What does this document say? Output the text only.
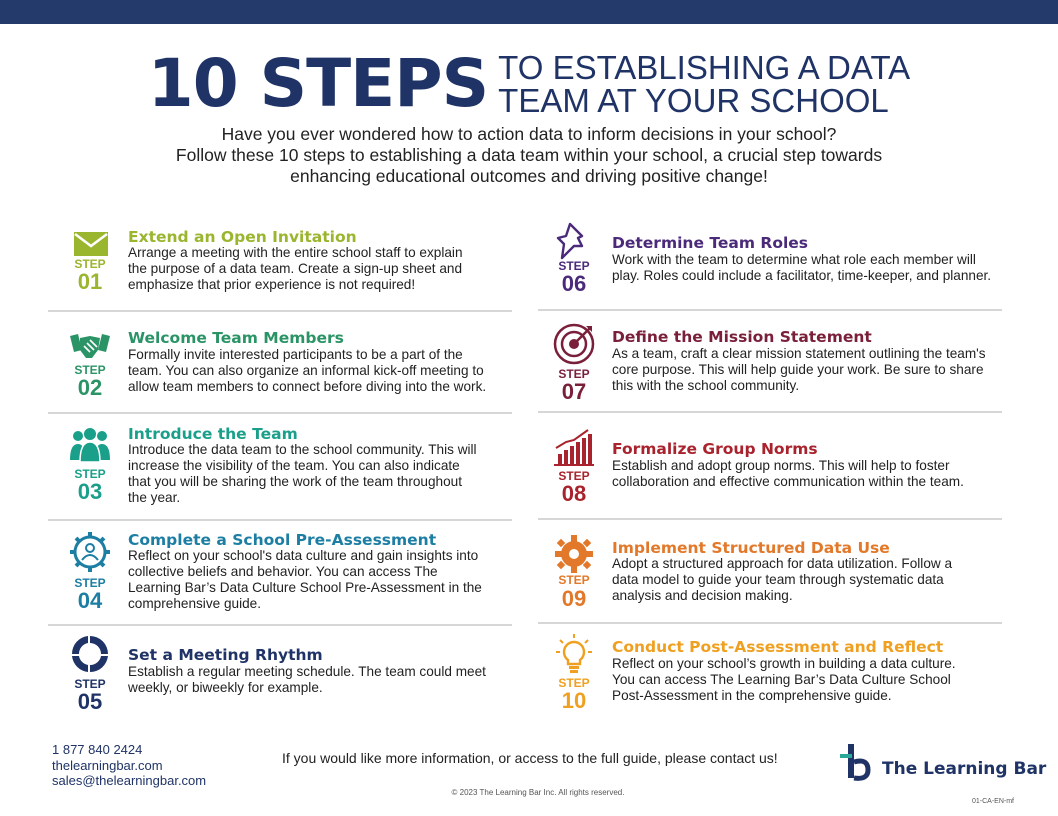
10 STEPS TO ESTABLISHING A DATA
TEAM AT YOUR SCHOOL
Have you ever wondered how to action data to inform decisions in your school?
Follow these 10 steps to establishing a data team within your school, a crucial step towards
enhancing educational outcomes and driving positive change!
STEP
01
Extend an Open Invitation
Arrange a meeting with the entire school staff to explain
the purpose of a data team. Create a sign-up sheet and
emphasize that prior experience is not required!
STEP
02
Welcome Team Members
Formally invite interested participants to be a part of the
team. You can also organize an informal kick-off meeting to
allow team members to connect before diving into the work.
STEP
03
Introduce the Team
Introduce the data team to the school community. This will
increase the visibility of the team. You can also indicate
that you will be sharing the work of the team throughout
the year.
STEP
04
Complete a School Pre-Assessment
Reflect on your school's data culture and gain insights into
collective beliefs and behavior. You can access The
Learning Bar’s Data Culture School Pre-Assessment in the
comprehensive guide.
STEP
05
Set a Meeting Rhythm
Establish a regular meeting schedule. The team could meet
weekly, or biweekly for example.
STEP
06
Determine Team Roles
Work with the team to determine what role each member will
play. Roles could include a facilitator, time-keeper, and planner.
STEP
07
Define the Mission Statement
As a team, craft a clear mission statement outlining the team's
core purpose. This will help guide your work. Be sure to share
this with the school community.
STEP
08
Formalize Group Norms
Establish and adopt group norms. This will help to foster
collaboration and effective communication within the team.
STEP
09
Implement Structured Data Use
Adopt a structured approach for data utilization. Follow a
data model to guide your team through systematic data
analysis and decision making.
STEP
10
Conduct Post-Assessment and Reflect
Reflect on your school’s growth in building a data culture.
You can access The Learning Bar’s Data Culture School
Post-Assessment in the comprehensive guide.
1 877 840 2424
thelearningbar.com
sales@thelearningbar.com
If you would like more information, or access to the full guide, please contact us!
© 2023 The Learning Bar Inc. All rights reserved.
01-CA-EN-mf
The Learning Bar
